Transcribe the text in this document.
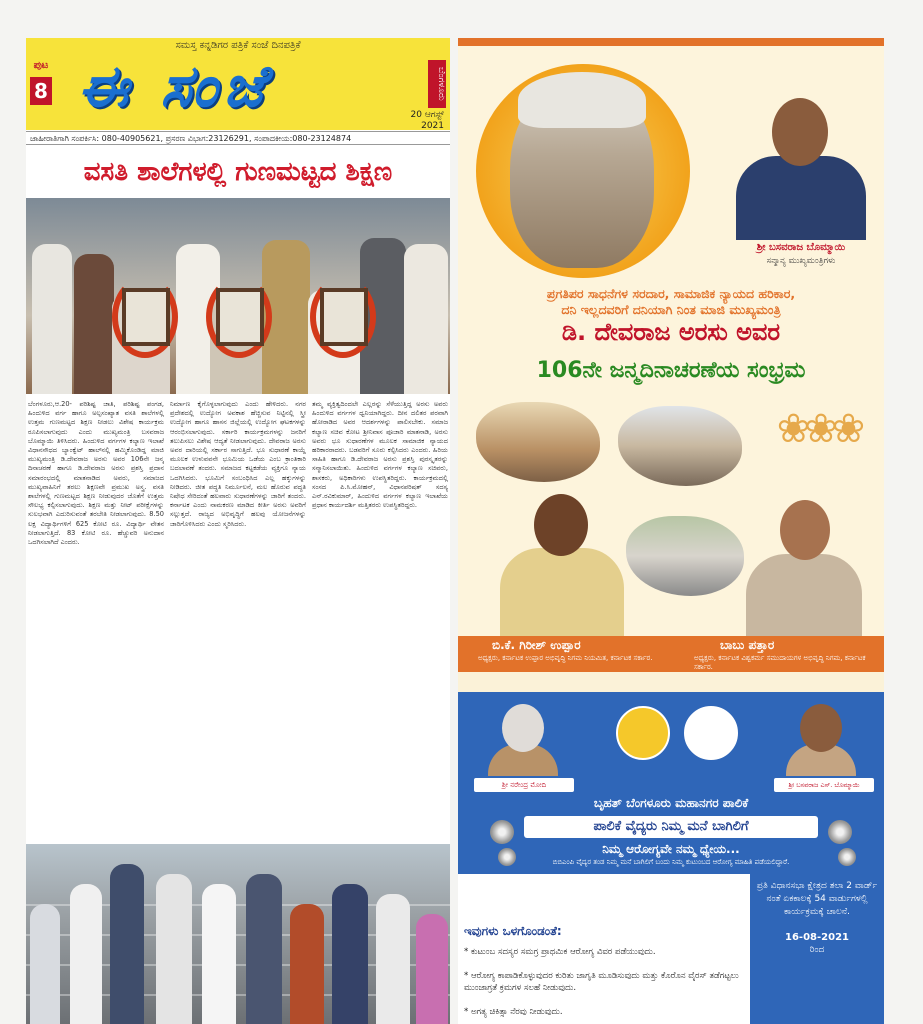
ಸಮಸ್ತ ಕನ್ನಡಿಗರ ಪತ್ರಿಕೆ ಸಂಜೆ ದಿನಪತ್ರಿಕೆ
ಪುಟ
8 ಈ ಸಂಜೆ	ಬೆಂಗಳೂರು
20 ಆಗಸ್ಟ್
2021
ಜಾಹೀರಾತಿಗಾಗಿ ಸಂಪರ್ಕಿಸಿ: 080-40905621, ಪ್ರಸರಣ ವಿಭಾಗ:23126291, ಸಂಪಾದಕೀಯ:080-23124874
ವಸತಿ ಶಾಲೆಗಳಲ್ಲಿ ಗುಣಮಟ್ಟದ ಶಿಕ್ಷಣ
ಬೆಂಗಳೂರು,ಆ.20- ಪರಿಶಿಷ್ಟ ಜಾತಿ, ಪರಿಶಿಷ್ಟ ಪಂಗಡ, ಹಿಂದುಳಿದ ವರ್ಗ ಹಾಗೂ ಅಲ್ಪಸಂಖ್ಯಾತ ವಸತಿ ಶಾಲೆಗಳಲ್ಲಿ ಉತ್ತಮ ಗುಣಮಟ್ಟದ ಶಿಕ್ಷಣ ನೀಡಲು ವಿಶೇಷ ಕಾರ್ಯಕ್ರಮ ರೂಪಿಸಲಾಗುವುದು ಎಂದು ಮುಖ್ಯಮಂತ್ರಿ ಬಸವರಾಜ ಬೊಮ್ಮಾಯಿ ತಿಳಿಸಿದರು. ಹಿಂದುಳಿದ ವರ್ಗಗಳ ಕಲ್ಯಾಣ ಇಲಾಖೆ ವಿಧಾನಸೌಧದ ಬ್ಯಾಂಕ್ವೆಟ್ ಹಾಲ್‍ನಲ್ಲಿ ಹಮ್ಮಿಕೊಂಡಿದ್ದ ಮಾಜಿ ಮುಖ್ಯಮಂತ್ರಿ ಡಿ.ದೇವರಾಜ ಅರಸು ಅವರ 106ನೇ ಜನ್ಮ ದಿನಾಚರಣೆ ಹಾಗೂ ಡಿ.ದೇವರಾಜ ಅರಸು ಪ್ರಶಸ್ತಿ ಪ್ರದಾನ ಸಮಾರಂಭದಲ್ಲಿ ಮಾತನಾಡಿದ ಅವರು, ಸಮಾಜದ ಮುಖ್ಯವಾಹಿನಿಗೆ ತರಲು ಶಿಕ್ಷಣವೇ ಪ್ರಮುಖ ಅಸ್ತ್ರ. ವಸತಿ ಶಾಲೆಗಳಲ್ಲಿ ಗುಣಮಟ್ಟದ ಶಿಕ್ಷಣ ನೀಡುವುದರ ಜೊತೆಗೆ ಉತ್ತಮ ಸೌಲಭ್ಯ ಕಲ್ಪಿಸಲಾಗುವುದು. ಶಿಕ್ಷಣ ಮತ್ತು ನೀಟ್ ಪರೀಕ್ಷೆಗಳನ್ನು ಸುಲಭವಾಗಿ ಎದುರಿಸುವಂತೆ ತರಬೇತಿ ನೀಡಲಾಗುವುದು. 8.50 ಲಕ್ಷ ವಿದ್ಯಾರ್ಥಿಗಳಿಗೆ 625 ಕೋಟಿ ರೂ. ವಿದ್ಯಾರ್ಥಿ ವೇತನ ನೀಡಲಾಗುತ್ತಿದೆ. 83 ಕೋಟಿ ರೂ. ಹೆಚ್ಚುವರಿ ಅನುದಾನ ಒದಗಿಸಲಾಗಿದೆ ಎಂದರು.
ನಿರ್ಮಾಣ ಕೈಗೊಳ್ಳಲಾಗುವುದು ಎಂದು ಹೇಳಿದರು. ನಗರ ಪ್ರದೇಶದಲ್ಲಿ ಉದ್ಯೋಗ ಅವಕಾಶ ಹೆಚ್ಚಿಸುವ ನಿಟ್ಟಿನಲ್ಲಿ ಸ್ತ್ರೀ ಉದ್ಯೋಗ ಹಾಗೂ ಹಾಸನ ಜಿಲ್ಲೆಯಲ್ಲಿ ಉದ್ಯೋಗ ಘಟಕಗಳನ್ನು ಆರಂಭಿಸಲಾಗುವುದು. ಸರ್ಕಾರಿ ಕಾರ್ಯಕ್ರಮಗಳನ್ನು ಜನರಿಗೆ ತಲುಪಿಸಲು ವಿಶೇಷ ಆದ್ಯತೆ ನೀಡಲಾಗುವುದು. ದೇವರಾಜ ಅರಸು ಅವರ ದಾರಿಯಲ್ಲಿ ಸರ್ಕಾರ ಸಾಗುತ್ತಿದೆ. ಭೂ ಸುಧಾರಣೆ ಕಾಯ್ದೆ ಮೂಲಕ ಉಳುವವನೇ ಭೂಮಿಯ ಒಡೆಯ ಎಂಬ ಕ್ರಾಂತಿಕಾರಿ ಬದಲಾವಣೆ ತಂದರು. ಸಮಾಜದ ಕಟ್ಟಕಡೆಯ ವ್ಯಕ್ತಿಗೂ ನ್ಯಾಯ ಒದಗಿಸಿದರು. ಭೂಮಿಗೆ ಸಂಬಂಧಿಸಿದ ಎಲ್ಲ ಹಕ್ಕುಗಳನ್ನು ನೀಡಿದರು. ಜೀತ ಪದ್ಧತಿ ನಿರ್ಮೂಲನೆ, ಮಲ ಹೊರುವ ಪದ್ಧತಿ ನಿಷೇಧ ಸೇರಿದಂತೆ ಹಲವಾರು ಸುಧಾರಣೆಗಳನ್ನು ಜಾರಿಗೆ ತಂದರು. ಕರ್ನಾಟಕ ಎಂದು ನಾಮಕರಣ ಮಾಡಿದ ಕೀರ್ತಿ ಅರಸು ಅವರಿಗೆ ಸಲ್ಲುತ್ತದೆ. ರಾಜ್ಯದ ಅಭಿವೃದ್ಧಿಗೆ ಹಲವು ಯೋಜನೆಗಳನ್ನು ಜಾರಿಗೊಳಿಸಿದರು ಎಂದು ಸ್ಮರಿಸಿದರು.
ತಮ್ಮ ವ್ಯಕ್ತಿತ್ವದಿಂದಲೇ ಎಲ್ಲರನ್ನು ಸೆಳೆಯುತ್ತಿದ್ದ ಅರಸು ಅವರು ಹಿಂದುಳಿದ ವರ್ಗಗಳ ಧ್ವನಿಯಾಗಿದ್ದರು. ದೀನ ದಲಿತರ ಪರವಾಗಿ ಹೋರಾಡಿದ ಅವರ ಆದರ್ಶಗಳನ್ನು ಪಾಲಿಸಬೇಕು. ಸಮಾಜ ಕಲ್ಯಾಣ ಸಚಿವ ಕೋಟ ಶ್ರೀನಿವಾಸ ಪೂಜಾರಿ ಮಾತನಾಡಿ, ಅರಸು ಅವರು ಭೂ ಸುಧಾರಣೆಗಳ ಮೂಲಕ ಸಾಮಾಜಿಕ ನ್ಯಾಯದ ಹರಿಕಾರರಾದರು. ಬಡವರಿಗೆ ಸೂರು ಕಲ್ಪಿಸಿದರು ಎಂದರು. ಹಿರಿಯ ಸಾಹಿತಿ ಹಾಗೂ ಡಿ.ದೇವರಾಜ ಅರಸು ಪ್ರಶಸ್ತಿ ಪುರಸ್ಕೃತರನ್ನು ಸನ್ಮಾನಿಸಲಾಯಿತು. ಹಿಂದುಳಿದ ವರ್ಗಗಳ ಕಲ್ಯಾಣ ಸಚಿವರು, ಶಾಸಕರು, ಅಧಿಕಾರಿಗಳು ಉಪಸ್ಥಿತರಿದ್ದರು. ಕಾರ್ಯಕ್ರಮದಲ್ಲಿ ಸಂಸದ ಪಿ.ಸಿ.ಮೋಹನ್, ವಿಧಾನಪರಿಷತ್ ಸದಸ್ಯ ಎನ್.ರವಿಕುಮಾರ್, ಹಿಂದುಳಿದ ವರ್ಗಗಳ ಕಲ್ಯಾಣ ಇಲಾಖೆಯ ಪ್ರಧಾನ ಕಾರ್ಯದರ್ಶಿ ಮತ್ತಿತರರು ಉಪಸ್ಥಿತರಿದ್ದರು.
ಶ್ರೀ ಬಸವರಾಜ ಬೊಮ್ಮಾಯಿ
ಸನ್ಮಾನ್ಯ ಮುಖ್ಯಮಂತ್ರಿಗಳು
ಪ್ರಗತಿಪರ ಸಾಧನೆಗಳ ಸರದಾರ, ಸಾಮಾಜಿಕ ನ್ಯಾಯದ ಹರಿಕಾರ,
ದನಿ ಇಲ್ಲದವರಿಗೆ ದನಿಯಾಗಿ ನಿಂತ ಮಾಜಿ ಮುಖ್ಯಮಂತ್ರಿ
ಡಿ. ದೇವರಾಜ ಅರಸು ಅವರ
106ನೇ ಜನ್ಮದಿನಾಚರಣೆಯ ಸಂಭ್ರಮ
❀❀❀
ಬಿ.ಕೆ. ಗಿರೀಶ್ ಉಪ್ಪಾರ
ಅಧ್ಯಕ್ಷರು, ಕರ್ನಾಟಕ ಉಪ್ಪಾರ ಅಭಿವೃದ್ಧಿ ನಿಗಮ ನಿಯಮಿತ, ಕರ್ನಾಟಕ ಸರ್ಕಾರ.
ಬಾಬು ಪತ್ತಾರ
ಅಧ್ಯಕ್ಷರು, ಕರ್ನಾಟಕ ವಿಶ್ವಕರ್ಮ ಸಮುದಾಯಗಳ ಅಭಿವೃದ್ಧಿ ನಿಗಮ, ಕರ್ನಾಟಕ ಸರ್ಕಾರ.
ಶ್ರೀ ನರೇಂದ್ರ ಮೋದಿ	ಶ್ರೀ ಬಸವರಾಜ ಎಸ್. ಬೊಮ್ಮಾಯಿ
ಬೃಹತ್ ಬೆಂಗಳೂರು ಮಹಾನಗರ ಪಾಲಿಕೆ
ಪಾಲಿಕೆ ವೈದ್ಯರು ನಿಮ್ಮ ಮನೆ ಬಾಗಿಲಿಗೆ
ನಿಮ್ಮ ಆರೋಗ್ಯವೇ ನಮ್ಮ ಧ್ಯೇಯ...
ಬಿಬಿಎಂಪಿ ವೈದ್ಯರ ತಂಡ ನಿಮ್ಮ ಮನೆ ಬಾಗಿಲಿಗೆ ಬಂದು ನಿಮ್ಮ ಕುಟುಂಬದ ಆರೋಗ್ಯ ಮಾಹಿತಿ ಪಡೆಯಲಿದ್ದಾರೆ.
ಪ್ರತಿ ವಿಧಾನಸಭಾ ಕ್ಷೇತ್ರದ ತಲಾ 2 ವಾರ್ಡ್ ನಂತೆ ಏಕಕಾಲಕ್ಕೆ 54 ವಾರ್ಡುಗಳಲ್ಲಿ ಕಾರ್ಯಕ್ರಮಕ್ಕೆ ಚಾಲನೆ.
16-08-2021
ರಿಂದ
ಇವುಗಳು ಒಳಗೊಂಡಂತೆ:
* ಕುಟುಂಬ ಸದಸ್ಯರ ಸಮಗ್ರ ಪ್ರಾಥಮಿಕ ಆರೋಗ್ಯ ವಿವರ ಪಡೆಯುವುದು.
* ಆರೋಗ್ಯ ಕಾಪಾಡಿಕೊಳ್ಳುವುದರ ಕುರಿತು ಜಾಗೃತಿ ಮೂಡಿಸುವುದು ಮತ್ತು ಕೊರೊನ ವೈರಸ್ ತಡೆಗಟ್ಟಲು ಮುಂಜಾಗ್ರತೆ ಕ್ರಮಗಳ ಸಲಹೆ ನೀಡುವುದು.
* ಅಗತ್ಯ ಚಿಕಿತ್ಸಾ ನೆರವು ನೀಡುವುದು.
